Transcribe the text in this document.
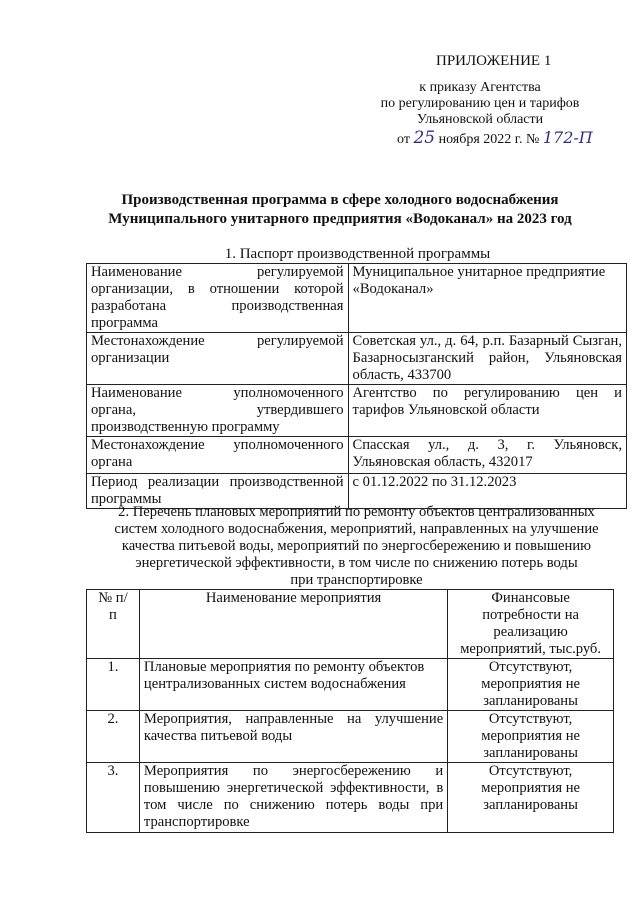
ПРИЛОЖЕНИЕ 1
к приказу Агентства
по регулированию цен и тарифов
Ульяновской области
от 25 ноября 2022 г. № 172-П
Производственная программа в сфере холодного водоснабжения
Муниципального унитарного предприятия «Водоканал» на 2023 год
1. Паспорт производственной программы
Наименование регулируемой организации, в отношении которой разработана производственная программа	Муниципальное унитарное предприятие «Водоканал»
Местонахождение регулируемой организации	Советская ул., д. 64, р.п. Базарный Сызган, Базарносызганский район, Ульяновская область, 433700
Наименование уполномоченного органа, утвердившего производственную программу	Агентство по регулированию цен и тарифов Ульяновской области
Местонахождение уполномоченного органа	Спасская ул., д. 3, г. Ульяновск, Ульяновская область, 432017
Период реализации производственной программы	с 01.12.2022 по 31.12.2023
2. Перечень плановых мероприятий по ремонту объектов централизованных
систем холодного водоснабжения, мероприятий, направленных на улучшение
качества питьевой воды, мероприятий по энергосбережению и повышению
энергетической эффективности, в том числе по снижению потерь воды
при транспортировке
№ п/п	Наименование мероприятия	Финансовые потребности на реализацию мероприятий, тыс.руб.
1.	Плановые мероприятия по ремонту объектов централизованных систем водоснабжения	Отсутствуют, мероприятия не запланированы
2.	Мероприятия, направленные на улучшение качества питьевой воды	Отсутствуют, мероприятия не запланированы
3.	Мероприятия по энергосбережению и повышению энергетической эффективности, в том числе по снижению потерь воды при транспортировке	Отсутствуют, мероприятия не запланированы
